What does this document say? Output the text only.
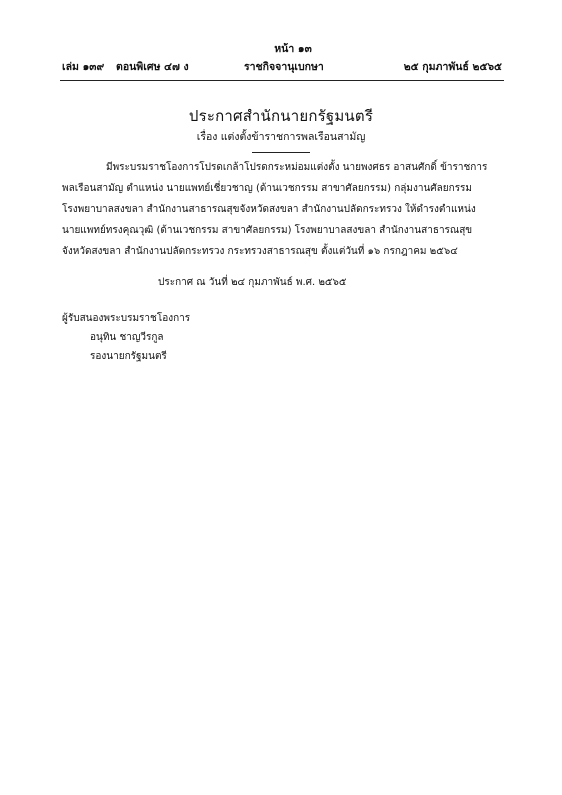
หน้า ๑๓
เล่ม ๑๓๙ ตอนพิเศษ ๔๗ ง	ราชกิจจานุเบกษา	๒๕ กุมภาพันธ์ ๒๕๖๕
ประกาศสำนักนายกรัฐมนตรี
เรื่อง แต่งตั้งข้าราชการพลเรือนสามัญ
มีพระบรมราชโองการโปรดเกล้าโปรดกระหม่อมแต่งตั้ง นายพงศธร อาสนศักดิ์ ข้าราชการ
พลเรือนสามัญ ตำแหน่ง นายแพทย์เชี่ยวชาญ (ด้านเวชกรรม สาขาศัลยกรรม) กลุ่มงานศัลยกรรม
โรงพยาบาลสงขลา สำนักงานสาธารณสุขจังหวัดสงขลา สำนักงานปลัดกระทรวง ให้ดำรงตำแหน่ง
นายแพทย์ทรงคุณวุฒิ (ด้านเวชกรรม สาขาศัลยกรรม) โรงพยาบาลสงขลา สำนักงานสาธารณสุข
จังหวัดสงขลา สำนักงานปลัดกระทรวง กระทรวงสาธารณสุข ตั้งแต่วันที่ ๑๖ กรกฎาคม ๒๕๖๔
ประกาศ ณ วันที่ ๒๔ กุมภาพันธ์ พ.ศ. ๒๕๖๕
ผู้รับสนองพระบรมราชโองการ
อนุทิน ชาญวีรกูล
รองนายกรัฐมนตรี
